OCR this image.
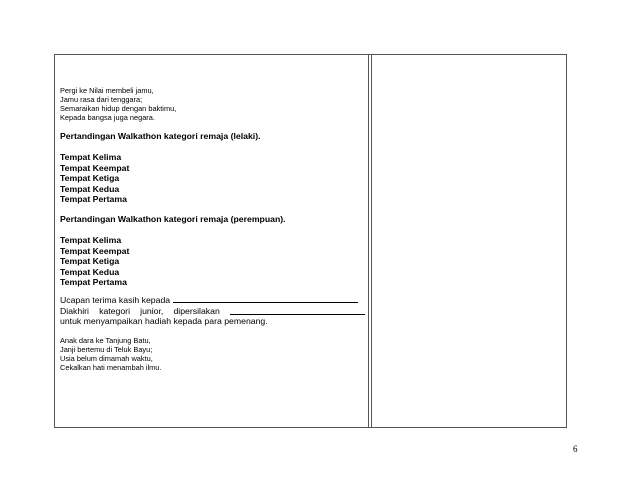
Pergi ke Nilai membeli jamu,
Jamu rasa dari tenggara;
Semaraikan hidup dengan baktimu,
Kepada bangsa juga negara.

Pertandingan Walkathon kategori remaja (lelaki).

Tempat Kelima
Tempat Keempat
Tempat Ketiga
Tempat Kedua
Tempat Pertama

Pertandingan Walkathon kategori remaja (perempuan).

Tempat Kelima
Tempat Keempat
Tempat Ketiga
Tempat Kedua
Tempat Pertama

Ucapan terima kasih kepada

Diakhiri kategori junior, dipersilakan

untuk menyampaikan hadiah kepada para pemenang.

Anak dara ke Tanjung Batu,
Janji bertemu di Teluk Bayu;
Usia belum dimamah waktu,
Cekalkan hati menambah ilmu.

6
